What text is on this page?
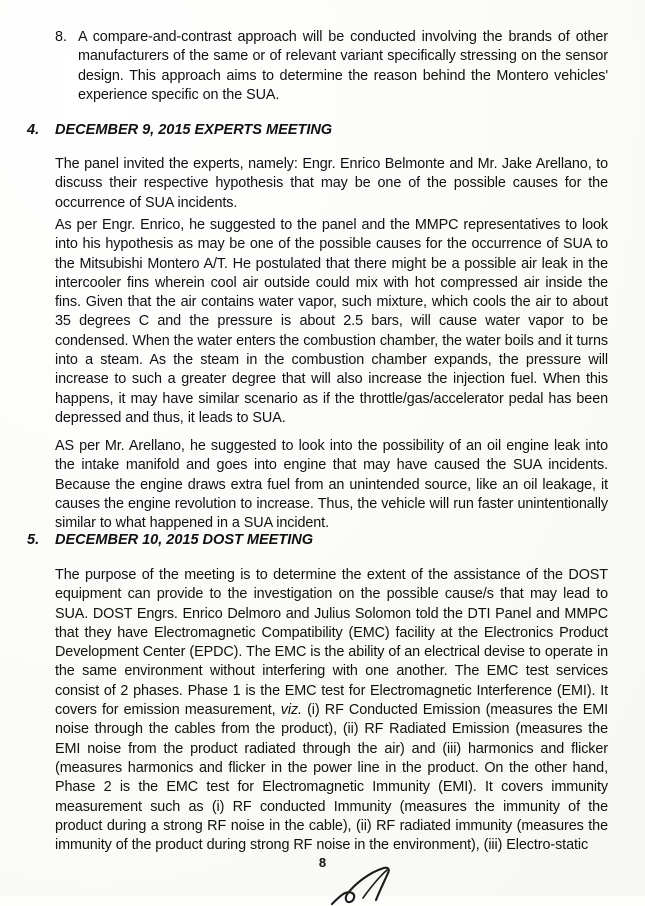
8. A compare-and-contrast approach will be conducted involving the brands of other manufacturers of the same or of relevant variant specifically stressing on the sensor design. This approach aims to determine the reason behind the Montero vehicles' experience specific on the SUA.
4.	DECEMBER 9, 2015 EXPERTS MEETING
The panel invited the experts, namely: Engr. Enrico Belmonte and Mr. Jake Arellano, to discuss their respective hypothesis that may be one of the possible causes for the occurrence of SUA incidents.
As per Engr. Enrico, he suggested to the panel and the MMPC representatives to look into his hypothesis as may be one of the possible causes for the occurrence of SUA to the Mitsubishi Montero A/T. He postulated that there might be a possible air leak in the intercooler fins wherein cool air outside could mix with hot compressed air inside the fins. Given that the air contains water vapor, such mixture, which cools the air to about 35 degrees C and the pressure is about 2.5 bars, will cause water vapor to be condensed. When the water enters the combustion chamber, the water boils and it turns into a steam. As the steam in the combustion chamber expands, the pressure will increase to such a greater degree that will also increase the injection fuel. When this happens, it may have similar scenario as if the throttle/gas/accelerator pedal has been depressed and thus, it leads to SUA.
AS per Mr. Arellano, he suggested to look into the possibility of an oil engine leak into the intake manifold and goes into engine that may have caused the SUA incidents. Because the engine draws extra fuel from an unintended source, like an oil leakage, it causes the engine revolution to increase. Thus, the vehicle will run faster unintentionally similar to what happened in a SUA incident.
5.	DECEMBER 10, 2015 DOST MEETING
The purpose of the meeting is to determine the extent of the assistance of the DOST equipment can provide to the investigation on the possible cause/s that may lead to SUA. DOST Engrs. Enrico Delmoro and Julius Solomon told the DTI Panel and MMPC that they have Electromagnetic Compatibility (EMC) facility at the Electronics Product Development Center (EPDC). The EMC is the ability of an electrical devise to operate in the same environment without interfering with one another. The EMC test services consist of 2 phases. Phase 1 is the EMC test for Electromagnetic Interference (EMI). It covers for emission measurement, viz. (i) RF Conducted Emission (measures the EMI noise through the cables from the product), (ii) RF Radiated Emission (measures the EMI noise from the product radiated through the air) and (iii) harmonics and flicker (measures harmonics and flicker in the power line in the product. On the other hand, Phase 2 is the EMC test for Electromagnetic Immunity (EMI). It covers immunity measurement such as (i) RF conducted Immunity (measures the immunity of the product during a strong RF noise in the cable), (ii) RF radiated immunity (measures the immunity of the product during strong RF noise in the environment), (iii) Electro-static
8
